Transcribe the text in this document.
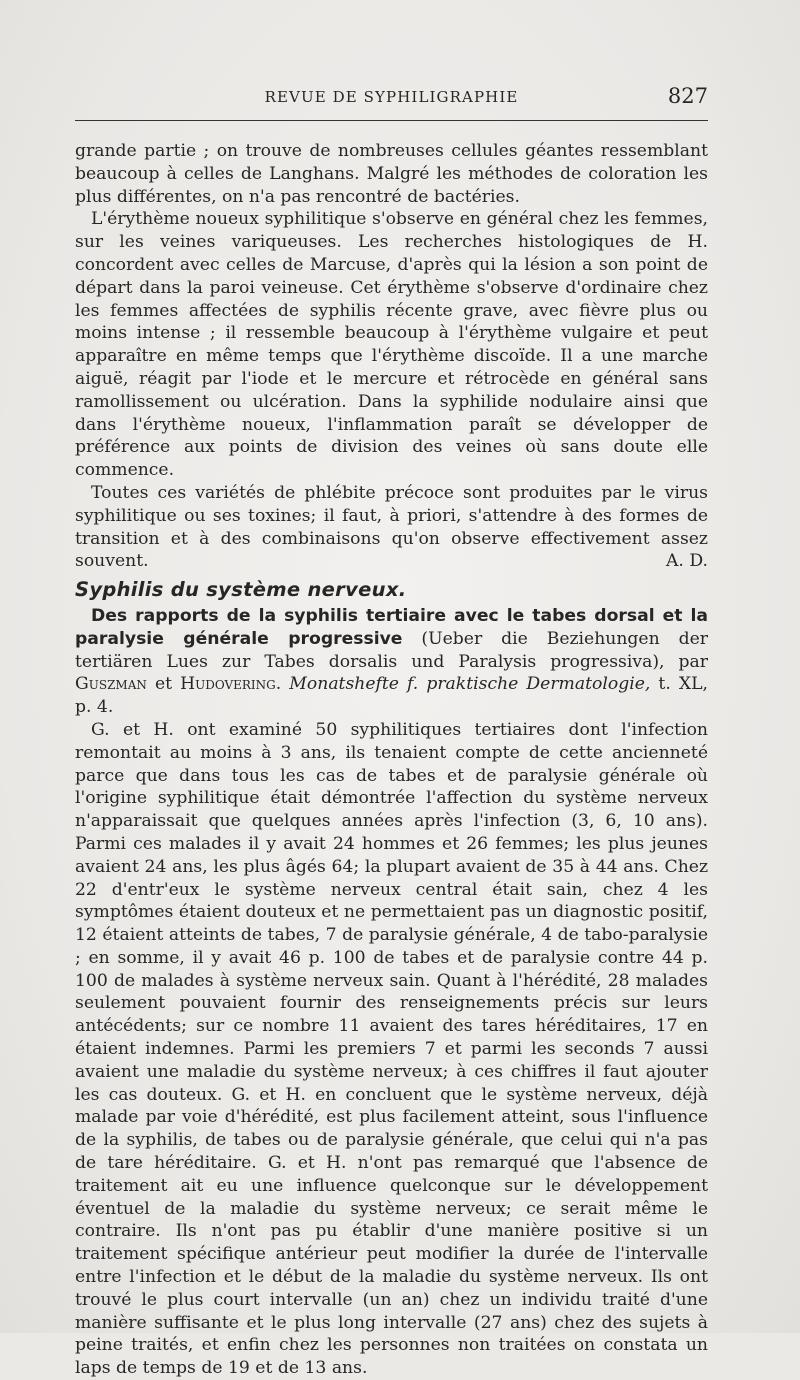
REVUE DE SYPHILIGRAPHIE	827

grande partie ; on trouve de nombreuses cellules géantes ressemblant beaucoup à celles de Langhans. Malgré les méthodes de coloration les plus différentes, on n'a pas rencontré de bactéries.

L'érythème noueux syphilitique s'observe en général chez les femmes, sur les veines variqueuses. Les recherches histologiques de H. concordent avec celles de Marcuse, d'après qui la lésion a son point de départ dans la paroi veineuse. Cet érythème s'observe d'ordinaire chez les femmes affectées de syphilis récente grave, avec fièvre plus ou moins intense ; il ressemble beaucoup à l'érythème vulgaire et peut apparaître en même temps que l'érythème discoïde. Il a une marche aiguë, réagit par l'iode et le mercure et rétrocède en général sans ramollissement ou ulcération. Dans la syphilide nodulaire ainsi que dans l'érythème noueux, l'inflammation paraît se développer de préférence aux points de division des veines où sans doute elle commence.

Toutes ces variétés de phlébite précoce sont produites par le virus syphilitique ou ses toxines; il faut, à priori, s'attendre à des formes de transition et à des combinaisons qu'on observe effectivement assez souvent.	A. D.

Syphilis du système nerveux.

Des rapports de la syphilis tertiaire avec le tabes dorsal et la paralysie générale progressive (Ueber die Beziehungen der tertiären Lues zur Tabes dorsalis und Paralysis progressiva), par Guszman et Hudovering. Monatshefte f. praktische Dermatologie, t. XL, p. 4.

G. et H. ont examiné 50 syphilitiques tertiaires dont l'infection remontait au moins à 3 ans, ils tenaient compte de cette ancienneté parce que dans tous les cas de tabes et de paralysie générale où l'origine syphilitique était démontrée l'affection du système nerveux n'apparaissait que quelques années après l'infection (3, 6, 10 ans). Parmi ces malades il y avait 24 hommes et 26 femmes; les plus jeunes avaient 24 ans, les plus âgés 64; la plupart avaient de 35 à 44 ans. Chez 22 d'entr'eux le système nerveux central était sain, chez 4 les symptômes étaient douteux et ne permettaient pas un diagnostic positif, 12 étaient atteints de tabes, 7 de paralysie générale, 4 de tabo-paralysie ; en somme, il y avait 46 p. 100 de tabes et de paralysie contre 44 p. 100 de malades à système nerveux sain. Quant à l'hérédité, 28 malades seulement pouvaient fournir des renseignements précis sur leurs antécédents; sur ce nombre 11 avaient des tares héréditaires, 17 en étaient indemnes. Parmi les premiers 7 et parmi les seconds 7 aussi avaient une maladie du système nerveux; à ces chiffres il faut ajouter les cas douteux. G. et H. en concluent que le système nerveux, déjà malade par voie d'hérédité, est plus facilement atteint, sous l'influence de la syphilis, de tabes ou de paralysie générale, que celui qui n'a pas de tare héréditaire. G. et H. n'ont pas remarqué que l'absence de traitement ait eu une influence quelconque sur le développement éventuel de la maladie du système nerveux; ce serait même le contraire. Ils n'ont pas pu établir d'une manière positive si un traitement spécifique antérieur peut modifier la durée de l'intervalle entre l'infection et le début de la maladie du système nerveux. Ils ont trouvé le plus court intervalle (un an) chez un individu traité d'une manière suffisante et le plus long intervalle (27 ans) chez des sujets à peine traités, et enfin chez les personnes non traitées on constata un laps de temps de 19 et de 13 ans.
